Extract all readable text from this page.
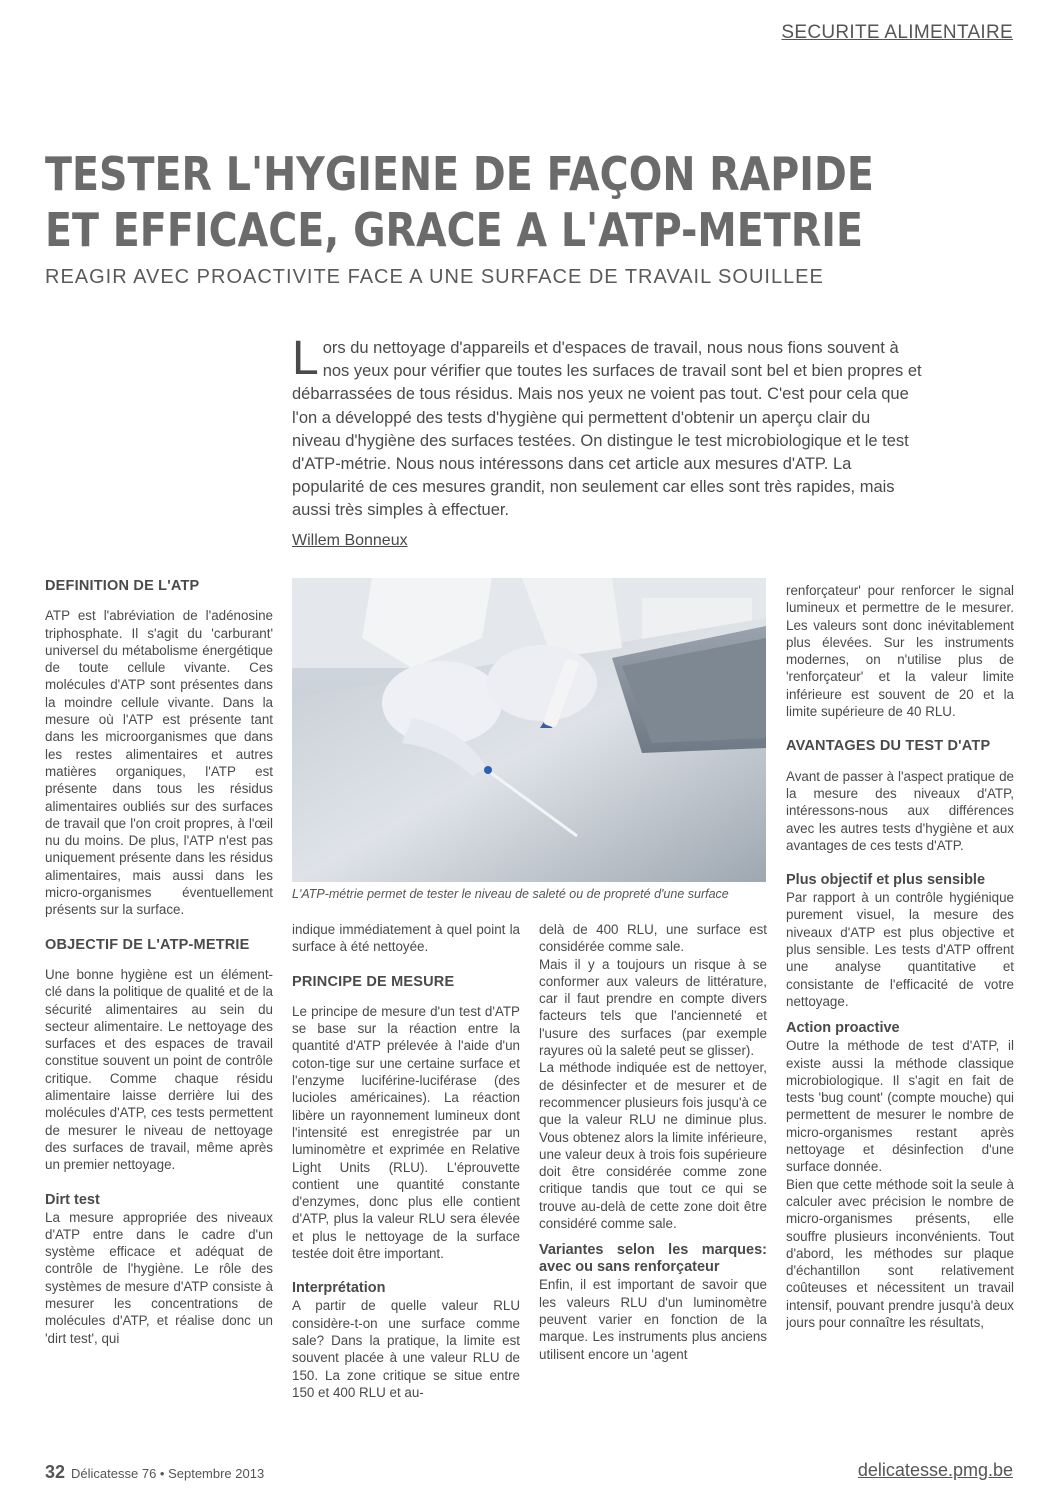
SECURITE ALIMENTAIRE
TESTER L'HYGIENE DE FAÇON RAPIDE
ET EFFICACE, GRACE A L'ATP-METRIE
REAGIR AVEC PROACTIVITE FACE A UNE SURFACE DE TRAVAIL SOUILLEE
Lors du nettoyage d'appareils et d'espaces de travail, nous nous fions souvent à nos yeux pour vérifier que toutes les surfaces de travail sont bel et bien propres et débarrassées de tous résidus. Mais nos yeux ne voient pas tout. C'est pour cela que l'on a développé des tests d'hygiène qui permettent d'obtenir un aperçu clair du niveau d'hygiène des surfaces testées. On distingue le test microbiologique et le test d'ATP-métrie. Nous nous intéressons dans cet article aux mesures d'ATP. La popularité de ces mesures grandit, non seulement car elles sont très rapides, mais aussi très simples à effectuer.
Willem Bonneux
DEFINITION DE L'ATP

ATP est l'abréviation de l'adénosine triphosphate. Il s'agit du 'carburant' universel du métabolisme énergétique de toute cellule vivante. Ces molécules d'ATP sont présentes dans la moindre cellule vivante. Dans la mesure où l'ATP est présente tant dans les microorganismes que dans les restes alimentaires et autres matières organiques, l'ATP est présente dans tous les résidus alimentaires oubliés sur des surfaces de travail que l'on croit propres, à l'œil nu du moins. De plus, l'ATP n'est pas uniquement présente dans les résidus alimentaires, mais aussi dans les micro-organismes éventuellement présents sur la surface.

OBJECTIF DE L'ATP-METRIE

Une bonne hygiène est un élément-clé dans la politique de qualité et de la sécurité alimentaires au sein du secteur alimentaire. Le nettoyage des surfaces et des espaces de travail constitue souvent un point de contrôle critique. Comme chaque résidu alimentaire laisse derrière lui des molécules d'ATP, ces tests permettent de mesurer le niveau de nettoyage des surfaces de travail, même après un premier nettoyage.

Dirt test

La mesure appropriée des niveaux d'ATP entre dans le cadre d'un système efficace et adéquat de contrôle de l'hygiène. Le rôle des systèmes de mesure d'ATP consiste à mesurer les concentrations de molécules d'ATP, et réalise donc un 'dirt test', qui

L'ATP-métrie permet de tester le niveau de saleté ou de propreté d'une surface

indique immédiatement à quel point la surface à été nettoyée.

PRINCIPE DE MESURE

Le principe de mesure d'un test d'ATP se base sur la réaction entre la quantité d'ATP prélevée à l'aide d'un coton-tige sur une certaine surface et l'enzyme luciférine-luciférase (des lucioles américaines). La réaction libère un rayonnement lumineux dont l'intensité est enregistrée par un luminomètre et exprimée en Relative Light Units (RLU). L'éprouvette contient une quantité constante d'enzymes, donc plus elle contient d'ATP, plus la valeur RLU sera élevée et plus le nettoyage de la surface testée doit être important.

Interprétation

A partir de quelle valeur RLU considère-t-on une surface comme sale? Dans la pratique, la limite est souvent placée à une valeur RLU de 150. La zone critique se situe entre 150 et 400 RLU et au-

delà de 400 RLU, une surface est considérée comme sale.

Mais il y a toujours un risque à se conformer aux valeurs de littérature, car il faut prendre en compte divers facteurs tels que l'ancienneté et l'usure des surfaces (par exemple rayures où la saleté peut se glisser).

La méthode indiquée est de nettoyer, de désinfecter et de mesurer et de recommencer plusieurs fois jusqu'à ce que la valeur RLU ne diminue plus. Vous obtenez alors la limite inférieure, une valeur deux à trois fois supérieure doit être considérée comme zone critique tandis que tout ce qui se trouve au-delà de cette zone doit être considéré comme sale.

Variantes selon les marques: avec ou sans renforçateur

Enfin, il est important de savoir que les valeurs RLU d'un luminomètre peuvent varier en fonction de la marque. Les instruments plus anciens utilisent encore un 'agent

renforçateur' pour renforcer le signal lumineux et permettre de le mesurer. Les valeurs sont donc inévitablement plus élevées. Sur les instruments modernes, on n'utilise plus de 'renforçateur' et la valeur limite inférieure est souvent de 20 et la limite supérieure de 40 RLU.

AVANTAGES DU TEST D'ATP

Avant de passer à l'aspect pratique de la mesure des niveaux d'ATP, intéressons-nous aux différences avec les autres tests d'hygiène et aux avantages de ces tests d'ATP.

Plus objectif et plus sensible

Par rapport à un contrôle hygiénique purement visuel, la mesure des niveaux d'ATP est plus objective et plus sensible. Les tests d'ATP offrent une analyse quantitative et consistante de l'efficacité de votre nettoyage.

Action proactive

Outre la méthode de test d'ATP, il existe aussi la méthode classique microbiologique. Il s'agit en fait de tests 'bug count' (compte mouche) qui permettent de mesurer le nombre de micro-organismes restant après nettoyage et désinfection d'une surface donnée.

Bien que cette méthode soit la seule à calculer avec précision le nombre de micro-organismes présents, elle souffre plusieurs inconvénients. Tout d'abord, les méthodes sur plaque d'échantillon sont relativement coûteuses et nécessitent un travail intensif, pouvant prendre jusqu'à deux jours pour connaître les résultats,

32 Délicatesse 76 • Septembre 2013	delicatesse.pmg.be
